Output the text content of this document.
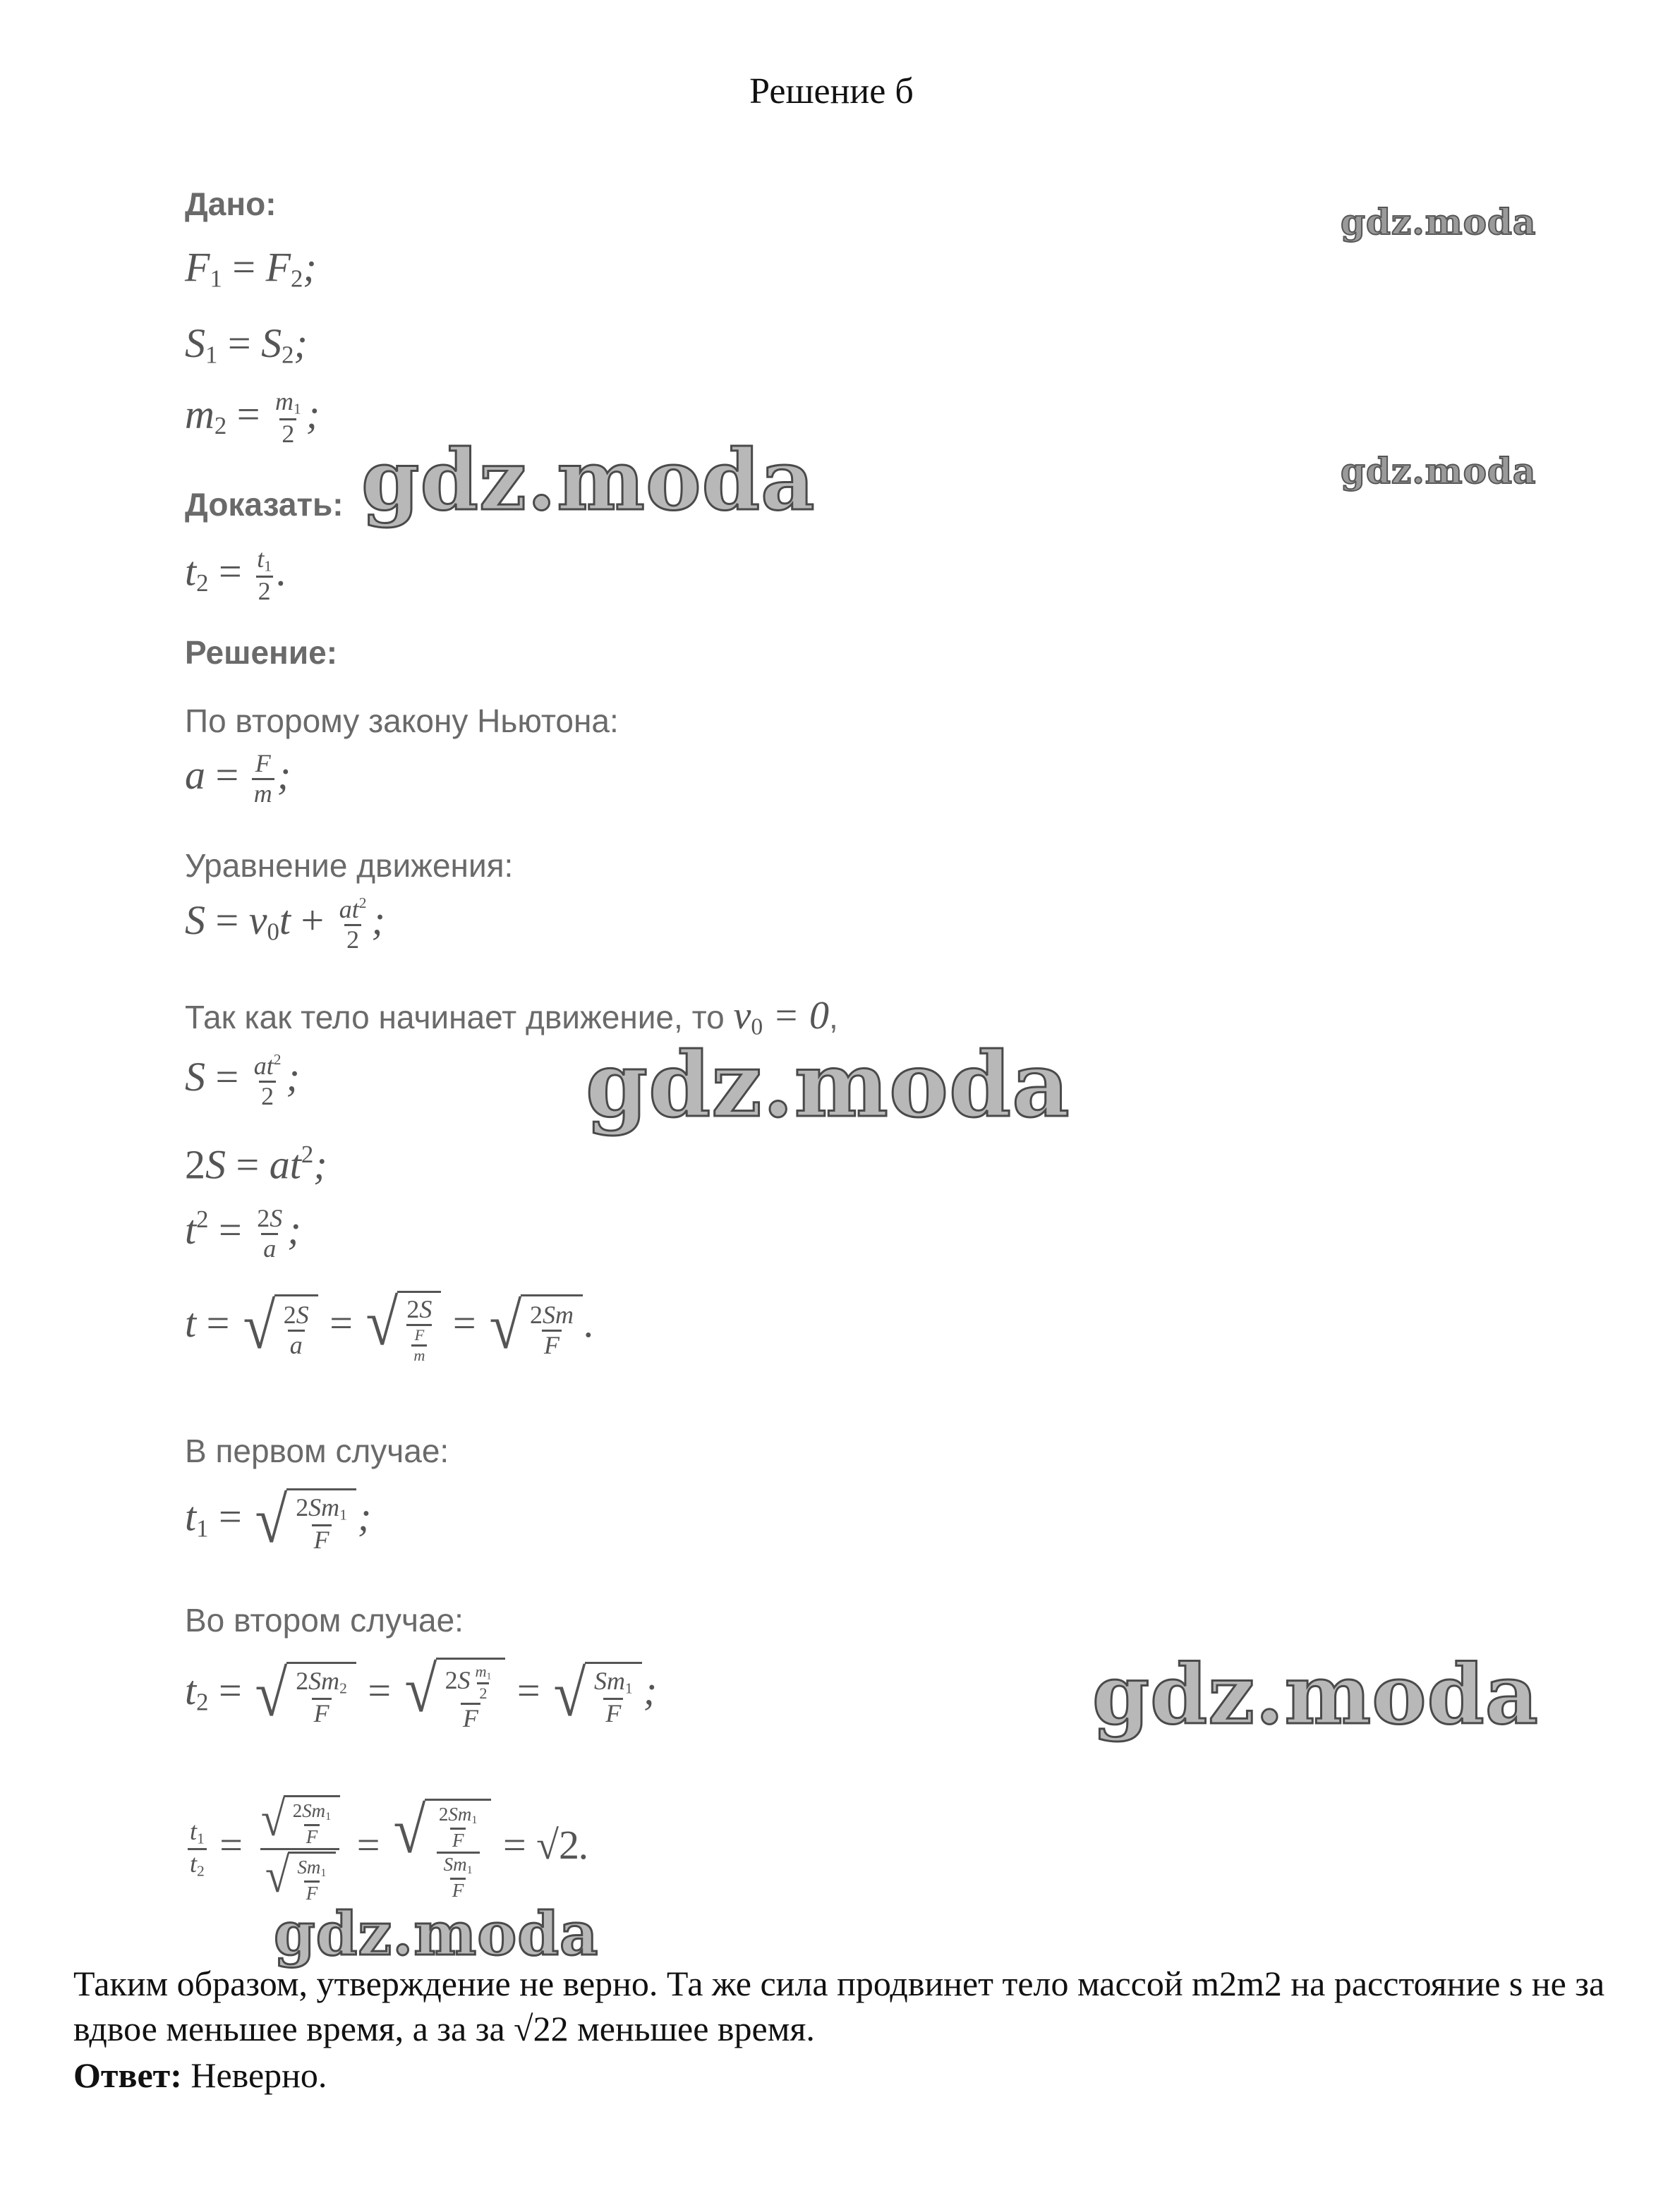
Решение б
Дано:
$F_1 = F_2$;
$S_1 = S_2$;
$m_2 = \frac{m_1}{2}$ ;
Доказать:
$t_2 = \frac{t_1}{2}$ .
Решение:
По второму закону Ньютона:
$a = \frac{F}{m}$ ;
Уравнение движения:
$S = v_0t + \frac{at^2}{2}$ ;
Так как тело начинает движение, то $v_0 = 0$,
$S = \frac{at^2}{2}$ ;
$2S = at^2$;
$t^2 = \frac{2S}{a}$ ;
t = √ $\frac{2S}{a}$ = √ $\frac{2S}{\frac{F}{m}}$ = √ $\frac{2Sm}{F}$ .
В первом случае:
$t_1$ = √ $\frac{2Sm_1}{F}$ ;
Во втором случае:
$t_2$ = √ $\frac{2Sm_2}{F}$ = √ $\frac{2S \frac{m_1}{2}}{F}$ = √ $\frac{Sm_1}{F}$ ;
$\frac{t_1}{t_2} = \frac{√ \frac{2Sm_1}{F}}{√ \frac{Sm_1}{F}}$ = √ $\frac{\frac{2Sm_1}{F}}{\frac{Sm_1}{F}} = √2$.
gdz.moda
gdz.moda
gdz.moda
gdz.moda
gdz.moda
gdz.moda
Таким образом, утверждение не верно. Та же сила продвинет тело массой m2m2 на расстояние s не за вдвое меньшее время, а за за √22 меньшее время.
Ответ: Неверно.
